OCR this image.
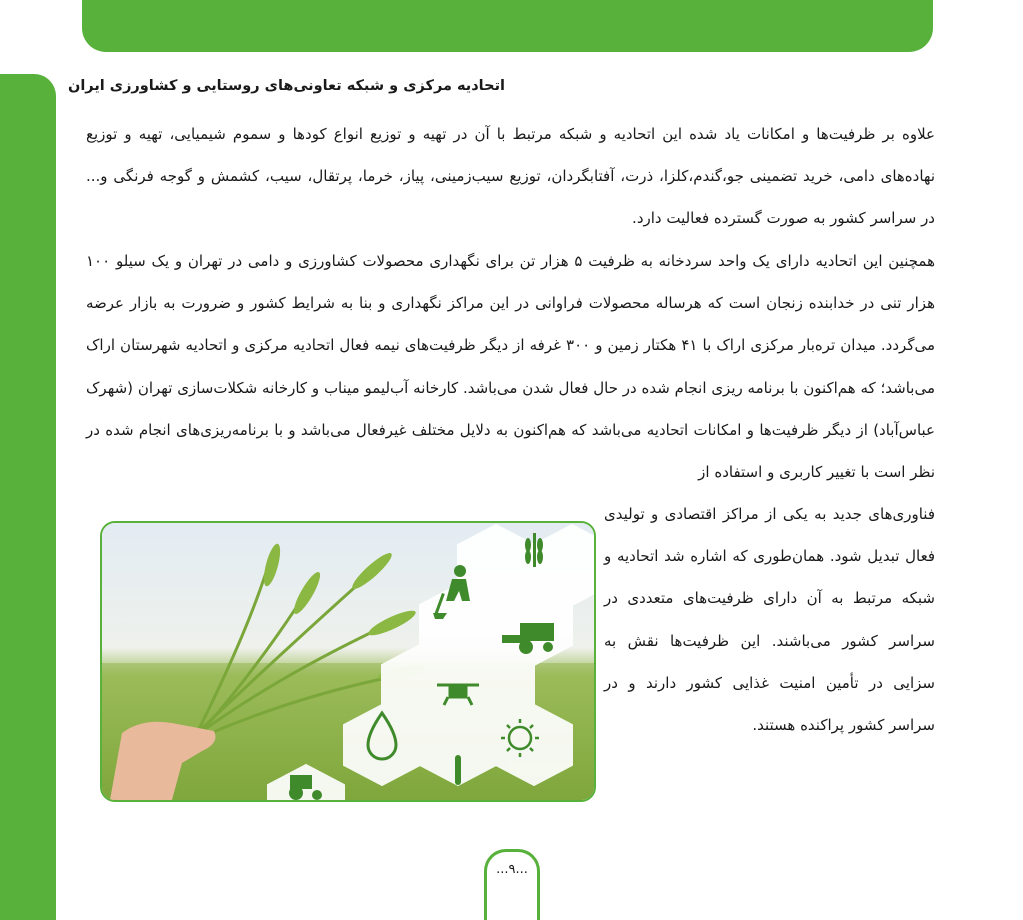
اتحادیه مرکزی و شبکه تعاونی‌های روستایی و کشاورزی ایران

علاوه بر ظرفیت‌ها و امکانات یاد شده این اتحادیه و شبکه مرتبط با آن در تهیه و توزیع انواع کودها و سموم شیمیایی، تهیه و توزیع نهاده‌های دامی، خرید تضمینی جو،گندم،کلزا، ذرت، آفتابگردان، توزیع سیب‌زمینی، پیاز، خرما، پرتقال، سیب، کشمش و گوجه فرنگی و... در سراسر کشور به صورت گسترده فعالیت دارد.

همچنین این اتحادیه دارای یک واحد سردخانه به ظرفیت ۵ هزار تن برای نگهداری محصولات کشاورزی و دامی در تهران و یک سیلو ۱۰۰ هزار تنی در خدابنده زنجان است که هرساله محصولات فراوانی در این مراکز نگهداری و بنا به شرایط کشور و ضرورت به بازار عرضه می‌گردد. میدان تره‌بار مرکزی اراک با ۴۱ هکتار زمین و ۳۰۰ غرفه از دیگر ظرفیت‌های نیمه فعال اتحادیه مرکزی و اتحادیه شهرستان اراک می‌باشد؛ که هم‌اکنون با برنامه ریزی انجام شده در حال فعال شدن می‌باشد. کارخانه آب‌لیمو میناب و کارخانه شکلات‌سازی تهران (شهرک عباس‌آباد) از دیگر ظرفیت‌ها و امکانات اتحادیه می‌باشد که هم‌اکنون به دلایل مختلف غیرفعال می‌باشد و با برنامه‌ریزی‌های انجام شده در نظر است با تغییر کاربری و استفاده از

فناوری‌های جدید به یکی از مراکز اقتصادی و تولیدی فعال تبدیل شود. همان‌طوری که اشاره شد اتحادیه و شبکه مرتبط به آن دارای ظرفیت‌های متعددی در سراسر کشور می‌باشند. این ظرفیت‌ها نقش به سزایی در تأمین امنیت غذایی کشور دارند و در سراسر کشور پراکنده هستند.

...۹...
